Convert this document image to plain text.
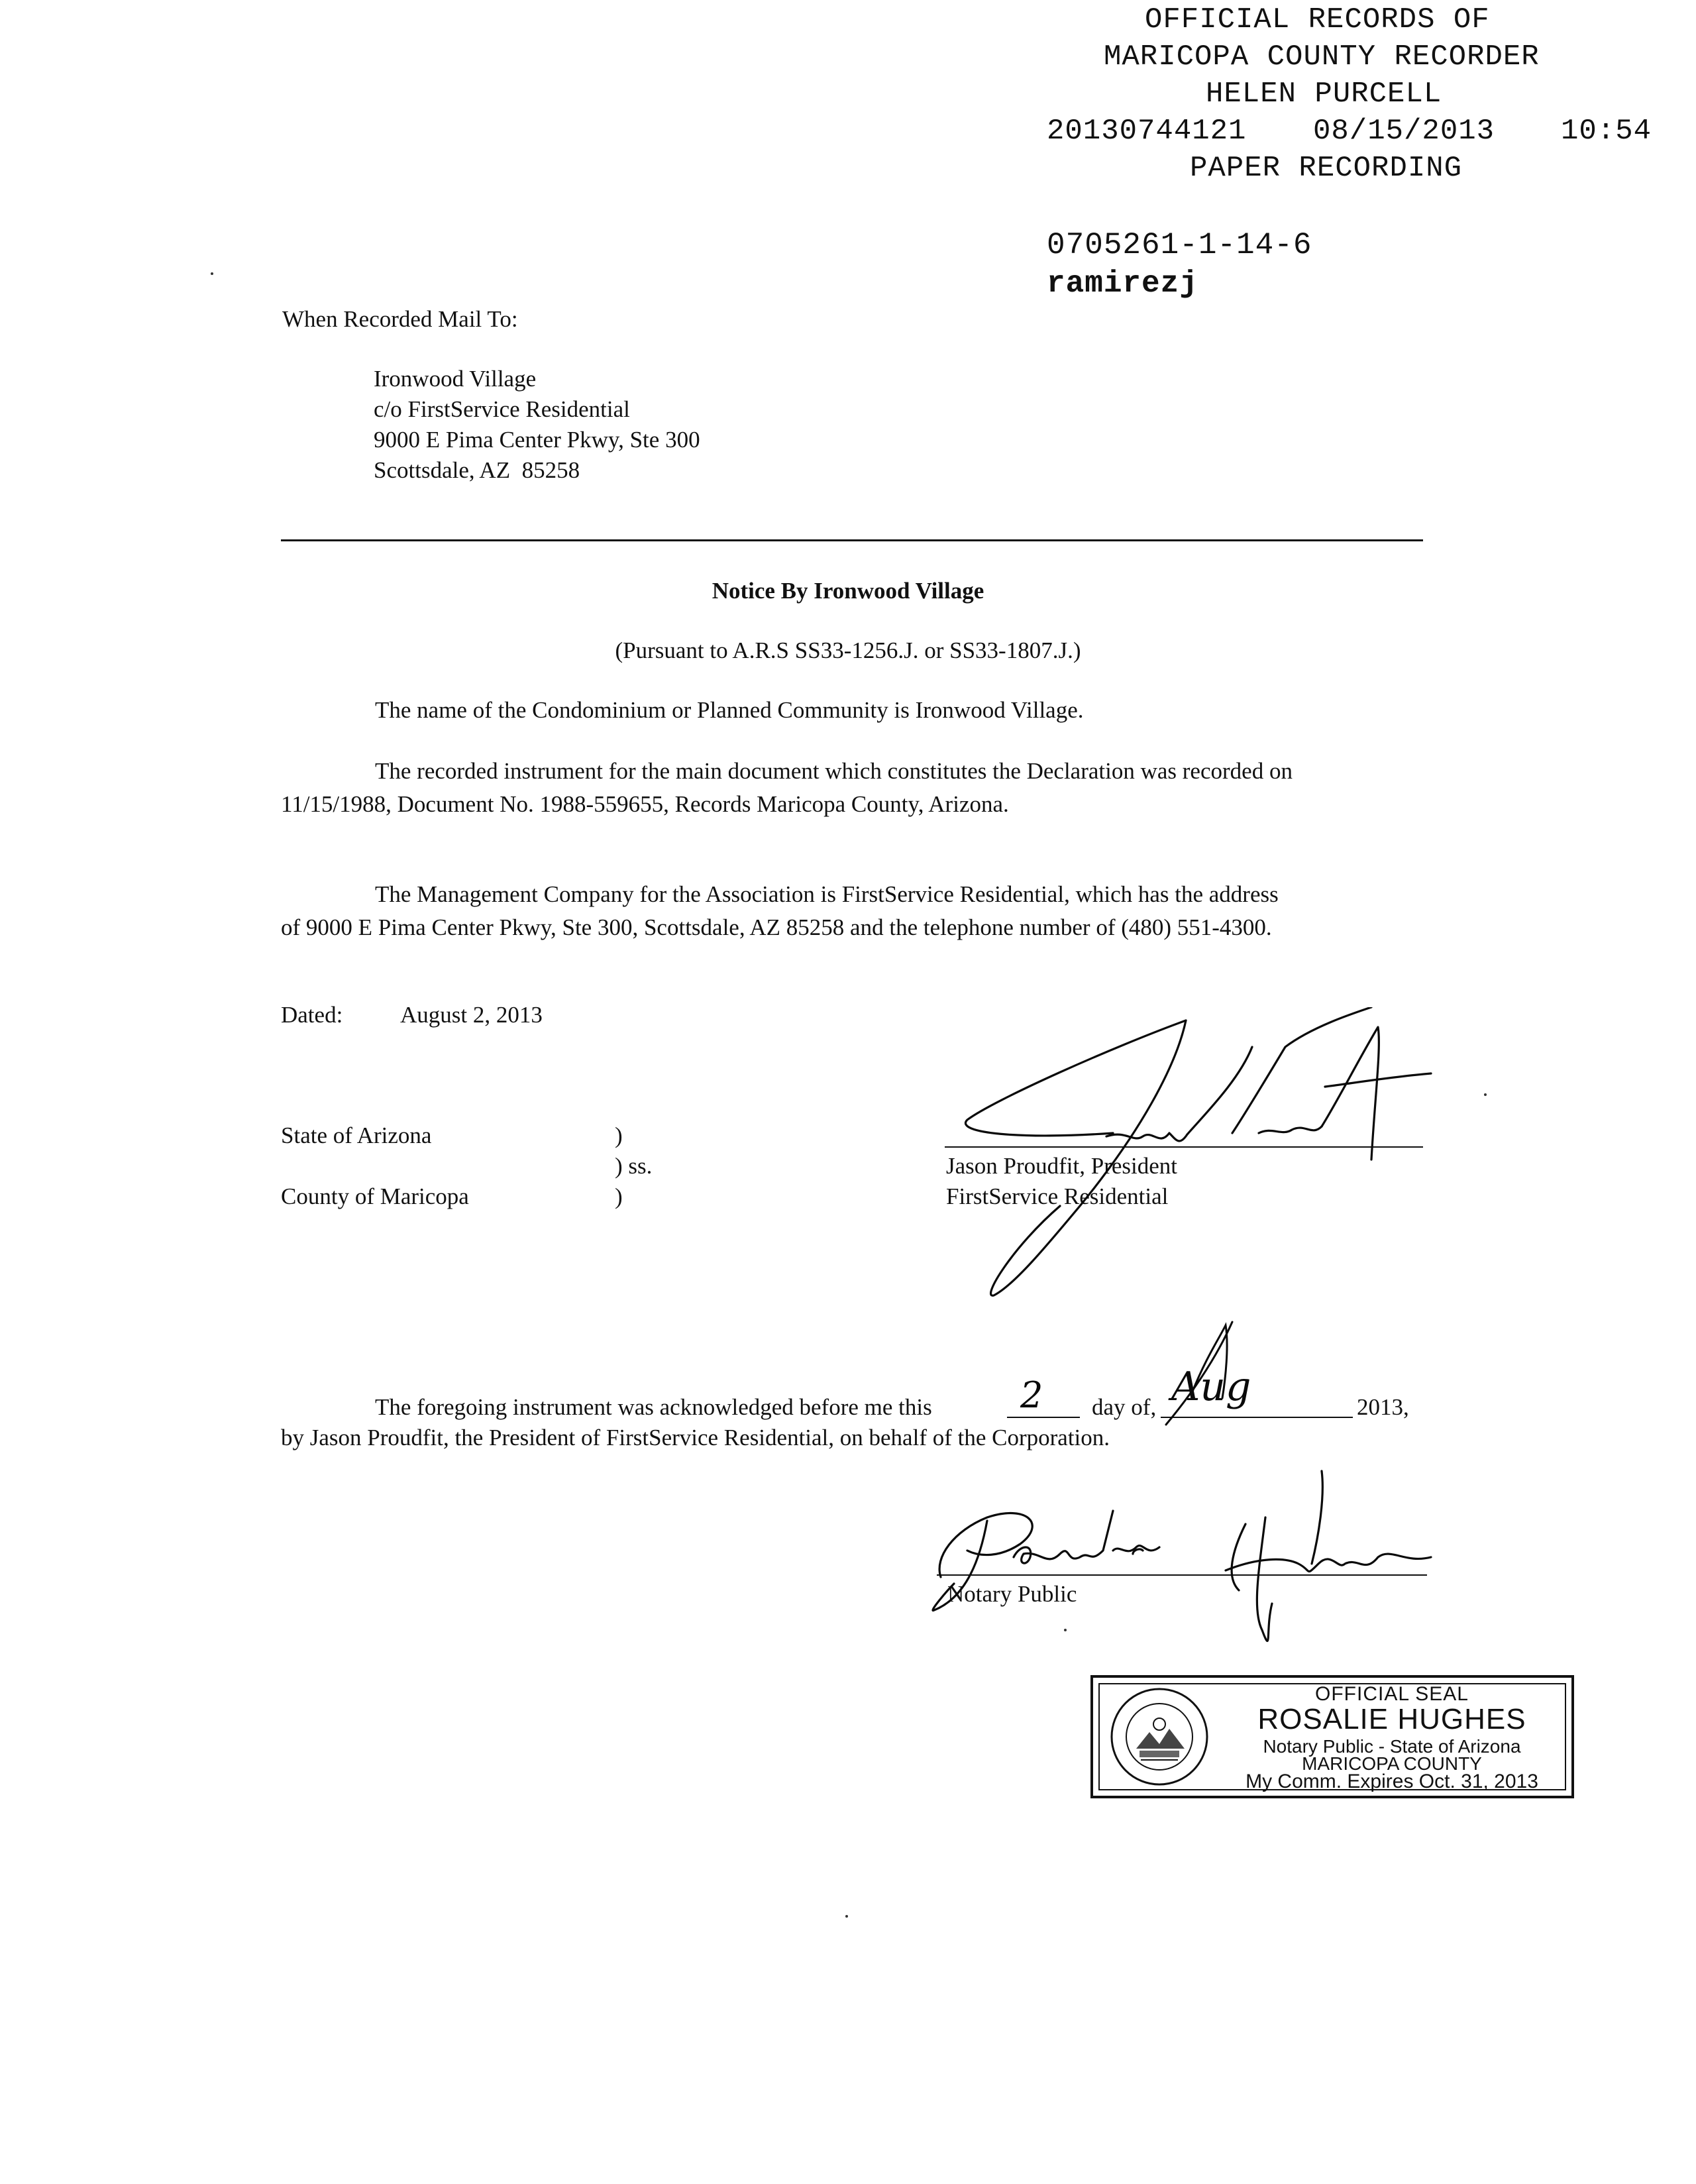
OFFICIAL RECORDS OF
MARICOPA COUNTY RECORDER
HELEN PURCELL
20130744121 08/15/2013 10:54
PAPER RECORDING
0705261-1-14-6
ramirezj
When Recorded Mail To:
Ironwood Village
c/o FirstService Residential
9000 E Pima Center Pkwy, Ste 300
Scottsdale, AZ  85258
Notice By Ironwood Village
(Pursuant to A.R.S SS33-1256.J. or SS33-1807.J.)
The name of the Condominium or Planned Community is Ironwood Village.
The recorded instrument for the main document which constitutes the Declaration was recorded on
11/15/1988, Document No. 1988-559655, Records Maricopa County, Arizona.
The Management Company for the Association is FirstService Residential, which has the address
of 9000 E Pima Center Pkwy, Ste 300, Scottsdale, AZ 85258 and the telephone number of (480) 551-4300.
Dated: August 2, 2013
State of Arizona
County of Maricopa
)
) ss.
)
Jason Proudfit, President
FirstService Residential
The foregoing instrument was acknowledged before me this 2 day of, Aug	2013,
by Jason Proudfit, the President of FirstService Residential, on behalf of the Corporation.
Notary Public
OFFICIAL SEAL
ROSALIE HUGHES
Notary Public - State of Arizona
MARICOPA COUNTY
My Comm. Expires Oct. 31, 2013
